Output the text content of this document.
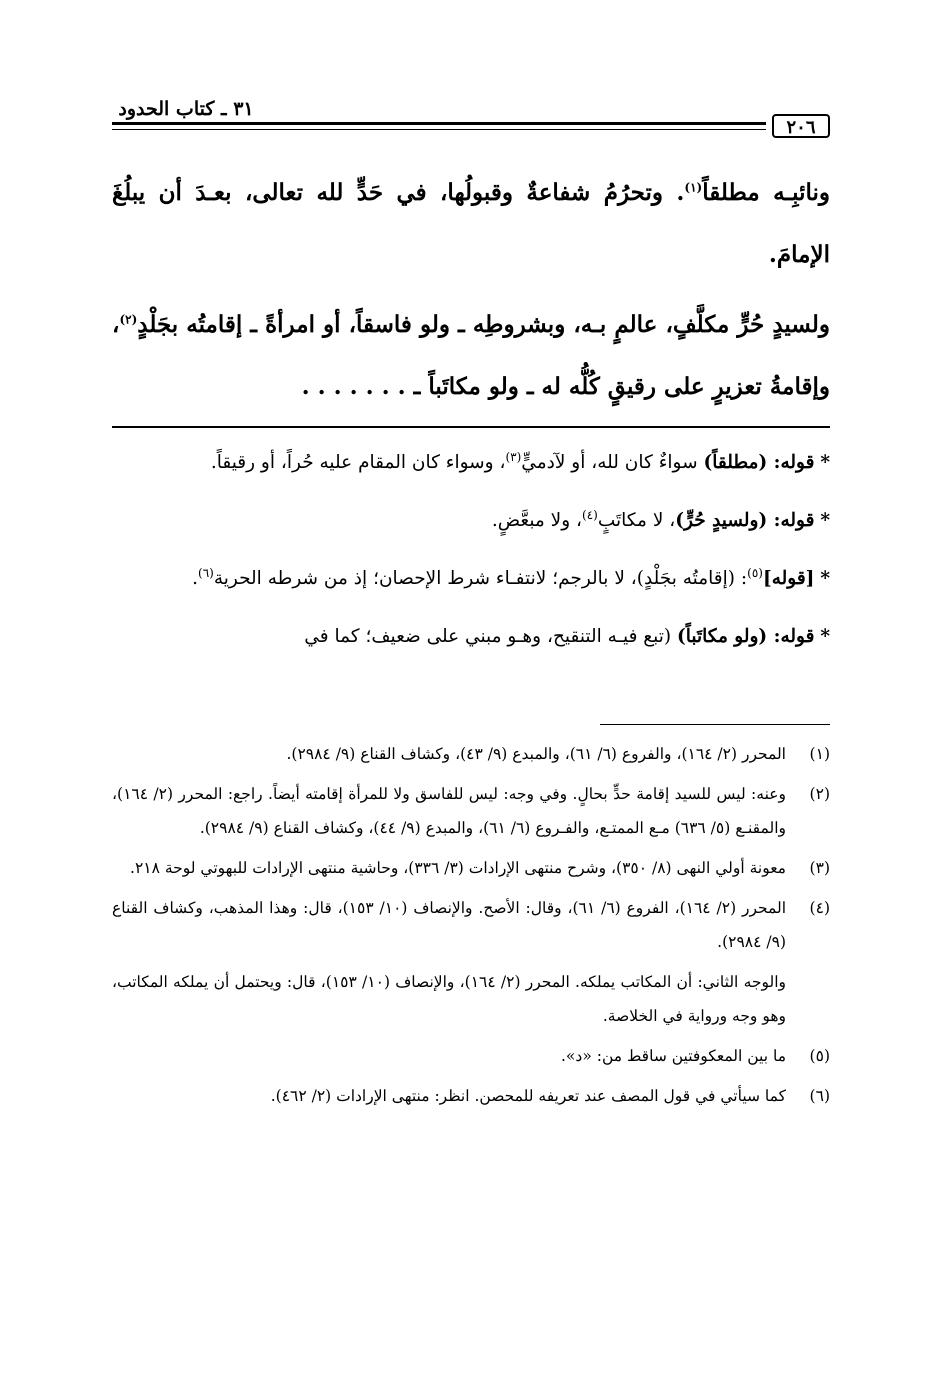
٣١ ـ كتاب الحدود
٢٠٦

ونائبِـه مطلقاً$^{(١)}$. وتحرُمُ شفاعةٌ وقبولُها، في حَدٍّ لله تعالى، بعـدَ أن يبلُغَ الإمامَ.

ولسيدٍ حُرٍّ مكلَّفٍ، عالمٍ بـه، وبشروطِه ـ ولو فاسقاً، أو امرأةً ـ إقامتُه بجَلْدٍ$^{(٢)}$، وإقامةُ تعزيرٍ على رقيقٍ كُلُّه له ـ ولو مكاتَباً ـ . . . . . . .

* قوله: (مطلقاً) سواءٌ كان لله، أو لآدميٍّ$^{(٣)}$، وسواء كان المقام عليه حُراً، أو رقيقاً.

* قوله: (ولسيدٍ حُرٍّ)، لا مكاتَبٍ$^{(٤)}$، ولا مبعَّضٍ.

* [قوله]$^{(٥)}$: (إقامتُه بجَلْدٍ)، لا بالرجم؛ لانتفـاء شرط الإحصان؛ إذ من شرطه الحرية$^{(٦)}$.

* قوله: (ولو مكاتَباً) (تبع فيـه التنقيح، وهـو مبني على ضعيف؛ كما في

(١)

المحرر (٢/ ١٦٤)، والفروع (٦/ ٦١)، والمبدع (٩/ ٤٣)، وكشاف القناع (٩/ ٢٩٨٤).

(٢)

وعنه: ليس للسيد إقامة حدٍّ بحالٍ. وفي وجه: ليس للفاسق ولا للمرأة إقامته أيضاً. راجع: المحرر (٢/ ١٦٤)، والمقنـع (٥/ ٦٣٦) مـع الممتـع، والفـروع (٦/ ٦١)، والمبدع (٩/ ٤٤)، وكشاف القناع (٩/ ٢٩٨٤).

(٣)

معونة أولي النهى (٨/ ٣٥٠)، وشرح منتهى الإرادات (٣/ ٣٣٦)، وحاشية منتهى الإرادات للبهوتي لوحة ٢١٨.

(٤)

المحرر (٢/ ١٦٤)، الفروع (٦/ ٦١)، وقال: الأصح. والإنصاف (١٠/ ١٥٣)، قال: وهذا المذهب، وكشاف القناع (٩/ ٢٩٨٤).

والوجه الثاني: أن المكاتب يملكه. المحرر (٢/ ١٦٤)، والإنصاف (١٠/ ١٥٣)، قال: ويحتمل أن يملكه المكاتب، وهو وجه ورواية في الخلاصة.

(٥)

ما بين المعكوفتين ساقط من: «د».

(٦)

كما سيأتي في قول المصف عند تعريفه للمحصن. انظر: منتهى الإرادات (٢/ ٤٦٢).
